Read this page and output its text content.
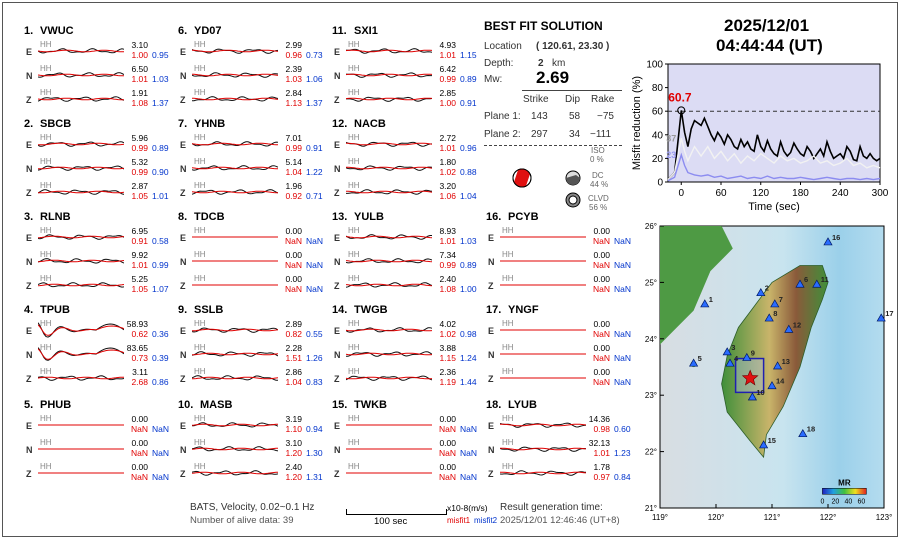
1. VWUC
E
HH	3.10
1.00 0.95
N
HH	6.50
1.01 1.03
Z
HH	1.91
1.08 1.37
2. SBCB
E
HH	5.96
0.99 0.89
N
HH	5.32
0.99 0.90
Z
HH	2.87
1.05 1.01
3. RLNB
E
HH	6.95
0.91 0.58
N
HH	9.92
1.01 0.99
Z
HH	5.25
1.05 1.07
4. TPUB
E
HH	58.93
0.62 0.36
N
HH	83.65
0.73 0.39
Z
HH	3.11
2.68 0.86
5. PHUB
E
HH	0.00
NaN NaN
N
HH	0.00
NaN NaN
Z
HH	0.00
NaN NaN
6. YD07
E
HH	2.99
0.96 0.73
N
HH	2.39
1.03 1.06
Z
HH	2.84
1.13 1.37
7. YHNB
E
HH	7.01
0.99 0.91
N
HH	5.14
1.04 1.22
Z
HH	1.96
0.92 0.71
8. TDCB
E
HH	0.00
NaN NaN
N
HH	0.00
NaN NaN
Z
HH	0.00
NaN NaN
9. SSLB
E
HH	2.89
0.82 0.55
N
HH	2.28
1.51 1.26
Z
HH	2.86
1.04 0.83
10. MASB
E
HH	3.19
1.10 0.94
N
HH	3.10
1.20 1.30
Z
HH	2.40
1.20 1.31
11. SXI1
E
HH	4.93
1.01 1.15
N
HH	6.42
0.99 0.89
Z
HH	2.85
1.00 0.91
12. NACB
E
HH	2.72
1.01 0.96
N
HH	1.80
1.02 0.88
Z
HH	3.20
1.06 1.04
13. YULB
E
HH	8.93
1.01 1.03
N
HH	7.34
0.99 0.89
Z
HH	2.40
1.08 1.00
14. TWGB
E
HH	4.02
1.02 0.98
N
HH	3.88
1.15 1.24
Z
HH	2.36
1.19 1.44
15. TWKB
E
HH	0.00
NaN NaN
N
HH	0.00
NaN NaN
Z
HH	0.00
NaN NaN
16. PCYB
E
HH	0.00
NaN NaN
N
HH	0.00
NaN NaN
Z
HH	0.00
NaN NaN
17. YNGF
E
HH	0.00
NaN NaN
N
HH	0.00
NaN NaN
Z
HH	0.00
NaN NaN
18. LYUB
E
HH	14.36
0.98 0.60
N
HH	32.13
1.01 1.23
Z
HH	1.78
0.97 0.84
BEST FIT SOLUTION
Location ( 120.61, 23.30 )
Depth: 2 km
Mw: 2.69
Strike Dip Rake
Plane 1: 143 58 −75
Plane 2: 297 34 −111
ISO
0 %
DC
44 %
CLVD
56 %
2025/12/01
04:44:44 (UT)
60.7
37
23
0
20
40
60
80
100
0	60	120 180 240 300
Time (sec)
Misfit reduction (%)
26°
25°
24°
23°
22°
21°
119°	120°	121°	122°	123°
1
2
3
4
5
6
7
8
9
10
11
12
13
14
15
16
17
18
MR
0 20 40 60
BATS, Velocity, 0.02~0.1 Hz
Number of alive data: 39	100 sec
x10-8(m/s)
misfit1 misfit2
Result generation time:
2025/12/01 12:46:46 (UT+8)
